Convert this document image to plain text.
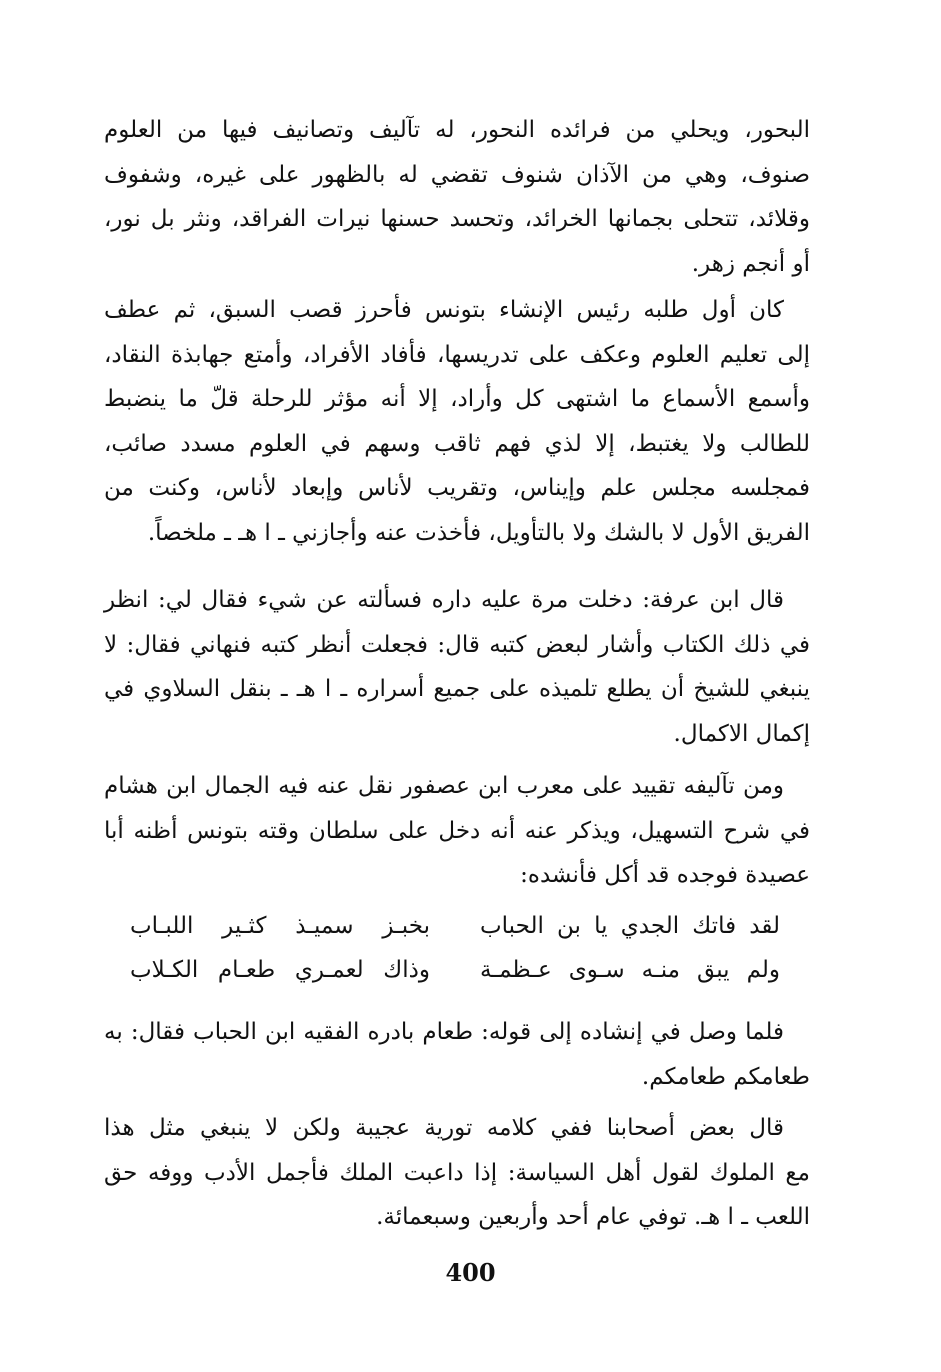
البحور، ويحلي من فرائده النحور، له تآليف وتصانيف فيها من العلوم
صنوف، وهي من الآذان شنوف تقضي له بالظهور على غيره، وشفوف
وقلائد، تتحلى بجمانها الخرائد، وتحسد حسنها نيرات الفراقد، ونثر بل نور،
أو أنجم زهر.
كان أول طلبه رئيس الإنشاء بتونس فأحرز قصب السبق، ثم عطف
إلى تعليم العلوم وعكف على تدريسها، فأفاد الأفراد، وأمتع جهابذة النقاد،
وأسمع الأسماع ما اشتهى كل وأراد، إلا أنه مؤثر للرحلة قلّ ما ينضبط
للطالب ولا يغتبط، إلا لذي فهم ثاقب وسهم في العلوم مسدد صائب،
فمجلسه مجلس علم وإيناس، وتقريب لأناس وإبعاد لأناس، وكنت من
الفريق الأول لا بالشك ولا بالتأويل، فأخذت عنه وأجازني ـ ا هـ ـ ملخصاً.
قال ابن عرفة: دخلت مرة عليه داره فسألته عن شيء فقال لي: انظر
في ذلك الكتاب وأشار لبعض كتبه قال: فجعلت أنظر كتبه فنهاني فقال: لا
ينبغي للشيخ أن يطلع تلميذه على جميع أسراره ـ ا هـ ـ بنقل السلاوي في
إكمال الاكمال.
ومن تآليفه تقييد على معرب ابن عصفور نقل عنه فيه الجمال ابن هشام
في شرح التسهيل، ويذكر عنه أنه دخل على سلطان وقته بتونس أظنه أبا
عصيدة فوجده قد أكل فأنشده:
لقد فاتك الجدي يا بن الحباب
بخبـز سميـذ كثـير اللبـاب
ولم يبق منـه سـوى عـظمـة
وذاك لعمـري طعـام الكـلاب
فلما وصل في إنشاده إلى قوله: طعام بادره الفقيه ابن الحباب فقال: به
طعامكم طعامكم.
قال بعض أصحابنا ففي كلامه تورية عجيبة ولكن لا ينبغي مثل هذا
مع الملوك لقول أهل السياسة: إذا داعبت الملك فأجمل الأدب ووفه حق
اللعب ـ ا هـ. توفي عام أحد وأربعين وسبعمائة.
400
